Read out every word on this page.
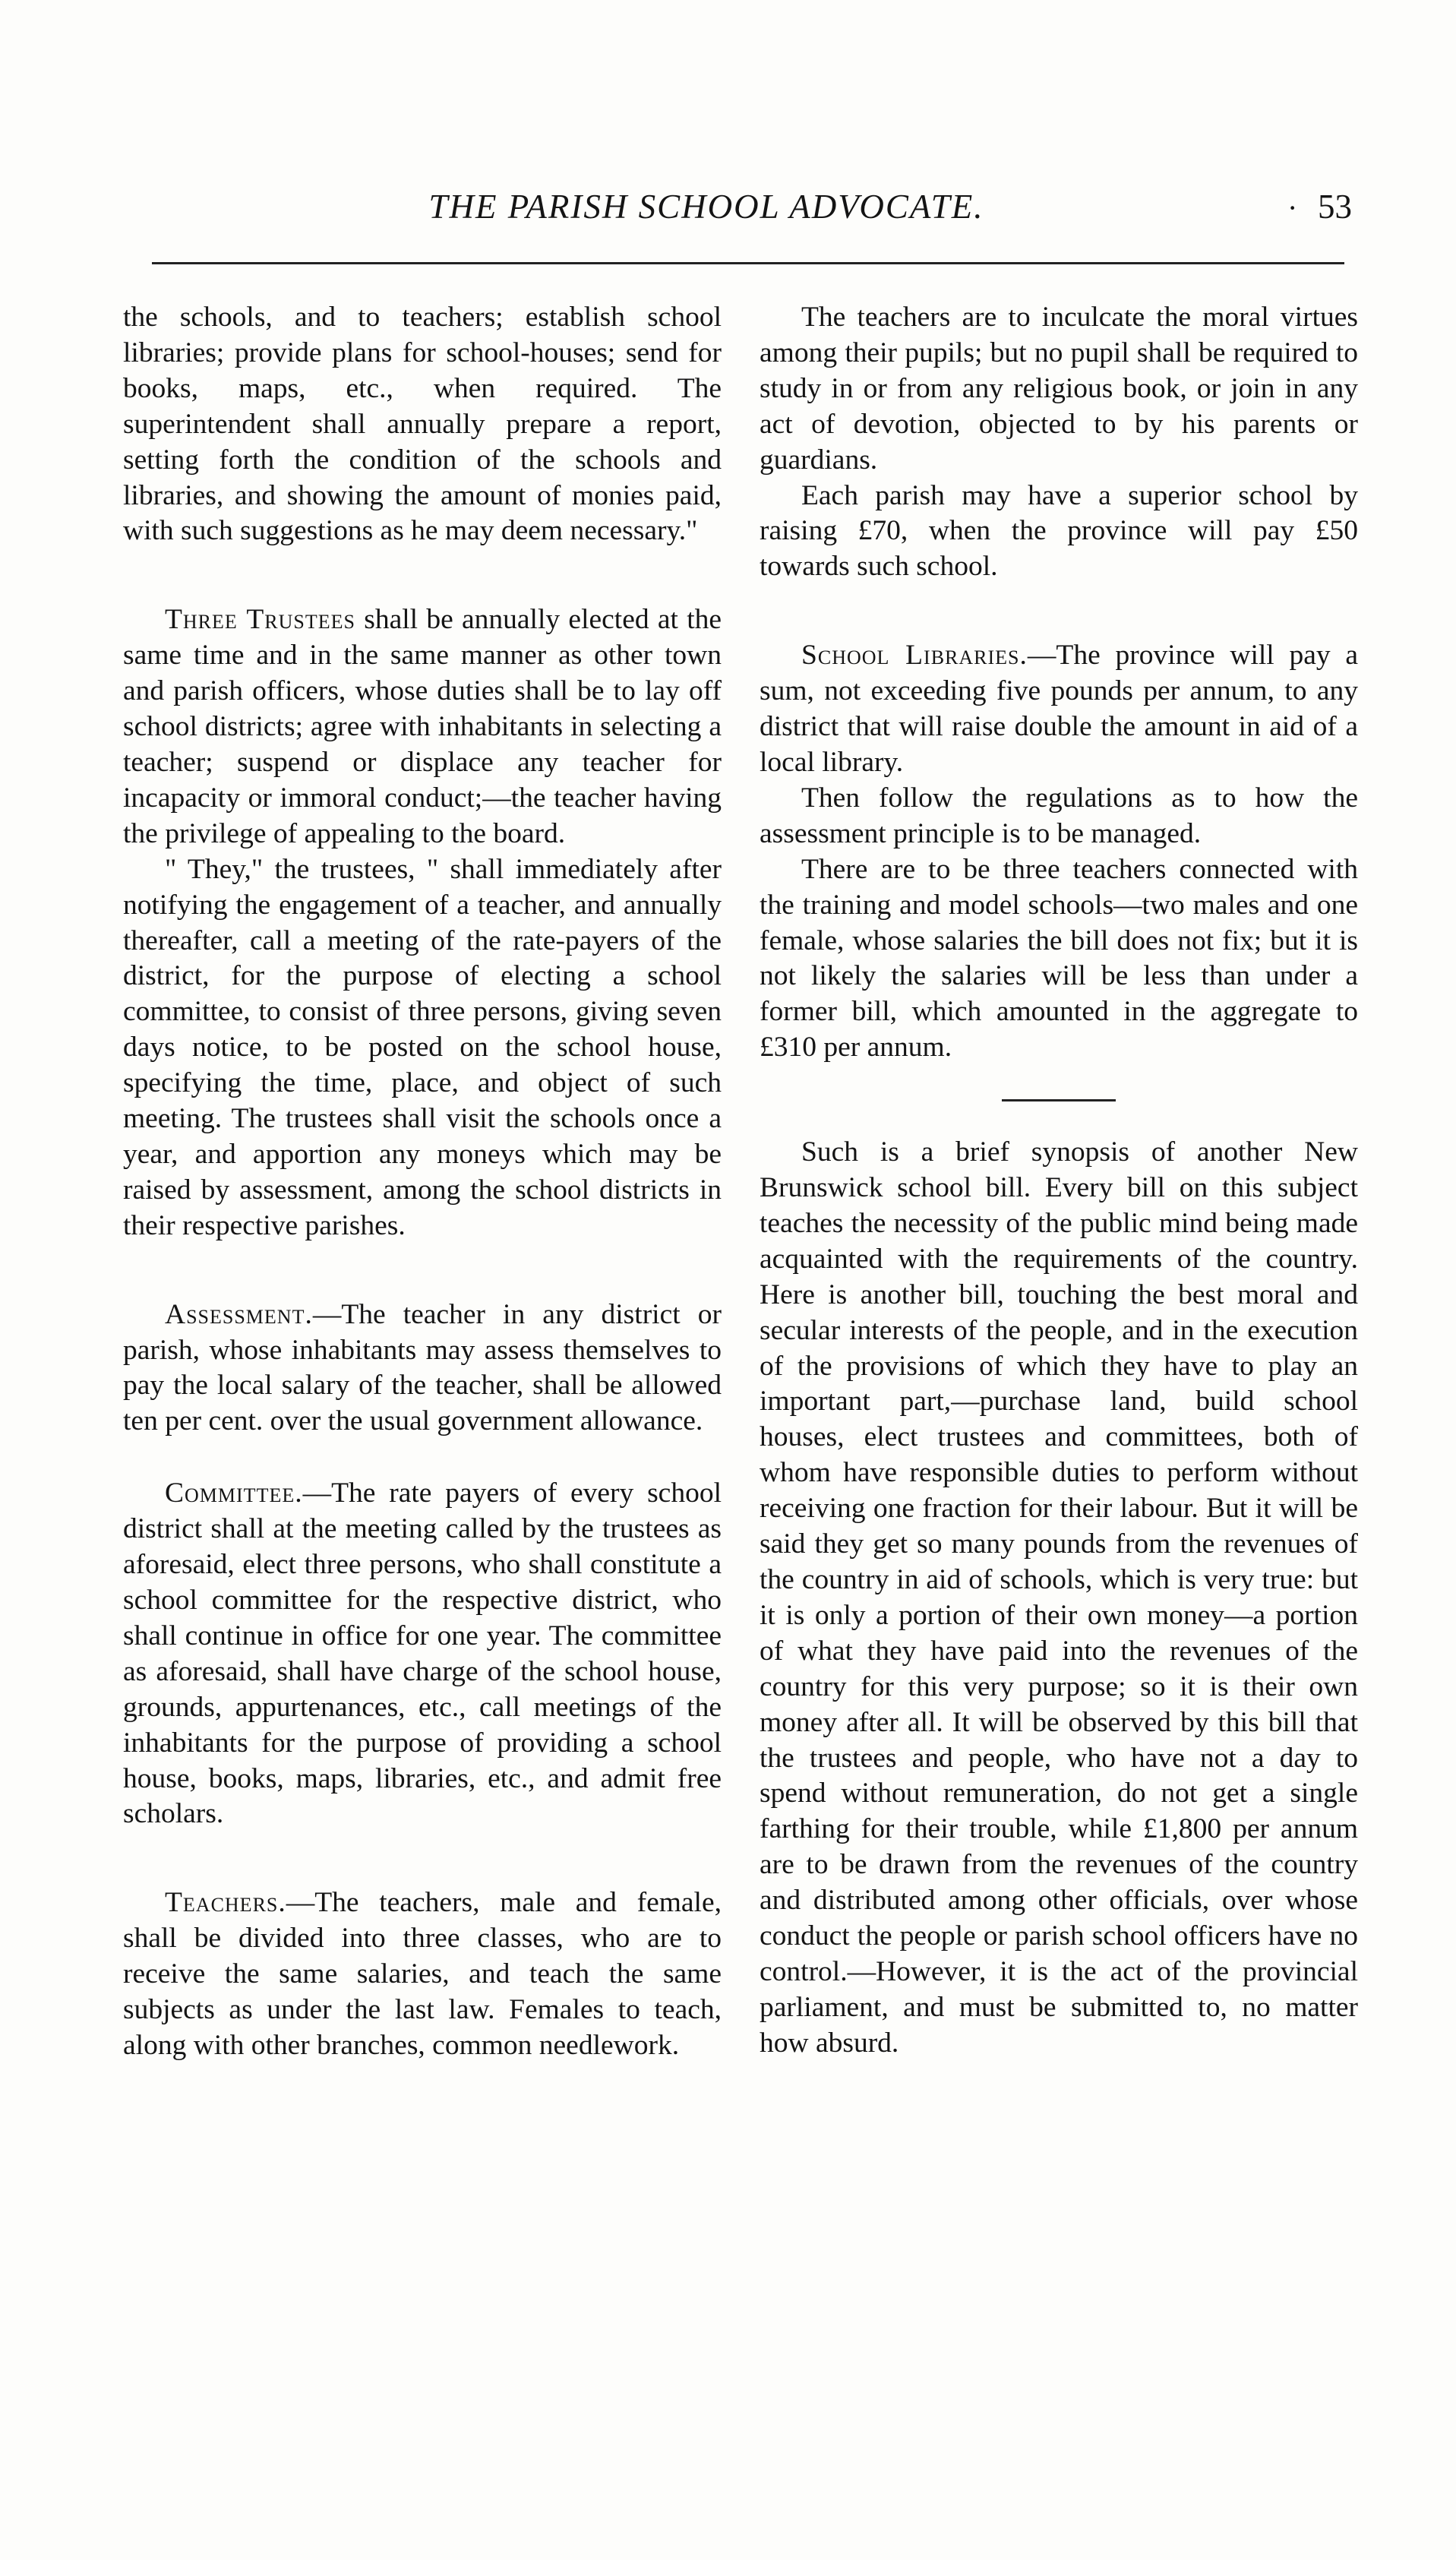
THE PARISH SCHOOL ADVOCATE.	· 53

the schools, and to teachers; establish school libraries; provide plans for school-houses; send for books, maps, etc., when required. The superintendent shall annually prepare a report, setting forth the condition of the schools and libraries, and showing the amount of monies paid, with such suggestions as he may deem necessary."

Three Trustees shall be annually elected at the same time and in the same manner as other town and parish officers, whose duties shall be to lay off school districts; agree with inhabitants in selecting a teacher; suspend or displace any teacher for incapacity or immoral conduct;—the teacher having the privilege of appealing to the board.

" They," the trustees, " shall immediately after notifying the engagement of a teacher, and annually thereafter, call a meeting of the rate-payers of the district, for the purpose of electing a school committee, to consist of three persons, giving seven days notice, to be posted on the school house, specifying the time, place, and object of such meeting. The trustees shall visit the schools once a year, and apportion any moneys which may be raised by assessment, among the school districts in their respective parishes.

Assessment.—The teacher in any district or parish, whose inhabitants may assess themselves to pay the local salary of the teacher, shall be allowed ten per cent. over the usual government allowance.

Committee.—The rate payers of every school district shall at the meeting called by the trustees as aforesaid, elect three persons, who shall constitute a school committee for the respective district, who shall continue in office for one year. The committee as aforesaid, shall have charge of the school house, grounds, appurtenances, etc., call meetings of the inhabitants for the purpose of providing a school house, books, maps, libraries, etc., and admit free scholars.

Teachers.—The teachers, male and female, shall be divided into three classes, who are to receive the same salaries, and teach the same subjects as under the last law. Females to teach, along with other branches, common needlework.

The teachers are to inculcate the moral virtues among their pupils; but no pupil shall be required to study in or from any religious book, or join in any act of devotion, objected to by his parents or guardians.

Each parish may have a superior school by raising £70, when the province will pay £50 towards such school.

School Libraries.—The province will pay a sum, not exceeding five pounds per annum, to any district that will raise double the amount in aid of a local library.

Then follow the regulations as to how the assessment principle is to be managed.

There are to be three teachers connected with the training and model schools—two males and one female, whose salaries the bill does not fix; but it is not likely the salaries will be less than under a former bill, which amounted in the aggregate to £310 per annum.

Such is a brief synopsis of another New Brunswick school bill. Every bill on this subject teaches the necessity of the public mind being made acquainted with the requirements of the country. Here is another bill, touching the best moral and secular interests of the people, and in the execution of the provisions of which they have to play an important part,—purchase land, build school houses, elect trustees and committees, both of whom have responsible duties to perform without receiving one fraction for their labour. But it will be said they get so many pounds from the revenues of the country in aid of schools, which is very true: but it is only a portion of their own money—a portion of what they have paid into the revenues of the country for this very purpose; so it is their own money after all. It will be observed by this bill that the trustees and people, who have not a day to spend without remuneration, do not get a single farthing for their trouble, while £1,800 per annum are to be drawn from the revenues of the country and distributed among other officials, over whose conduct the people or parish school officers have no control.—However, it is the act of the provincial parliament, and must be submitted to, no matter how absurd.
